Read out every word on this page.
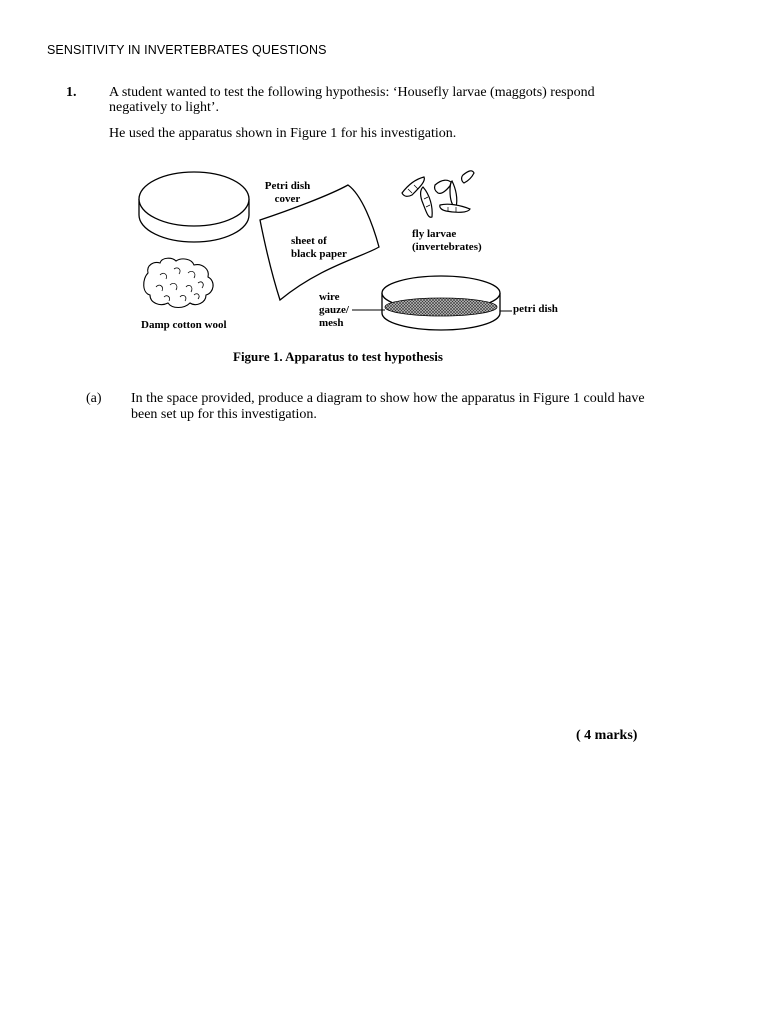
SENSITIVITY IN INVERTEBRATES QUESTIONS
1. A student wanted to test the following hypothesis: ‘Housefly larvae (maggots) respond negatively to light’.
He used the apparatus shown in Figure 1 for his investigation.
Petri dish
cover
sheet of
black paper
fly larvae
(invertebrates)
Damp cotton wool
wire
gauze/
mesh
petri dish
Figure 1. Apparatus to test hypothesis
(a) In the space provided, produce a diagram to show how the apparatus in Figure 1 could have been set up for this investigation.
( 4 marks)
